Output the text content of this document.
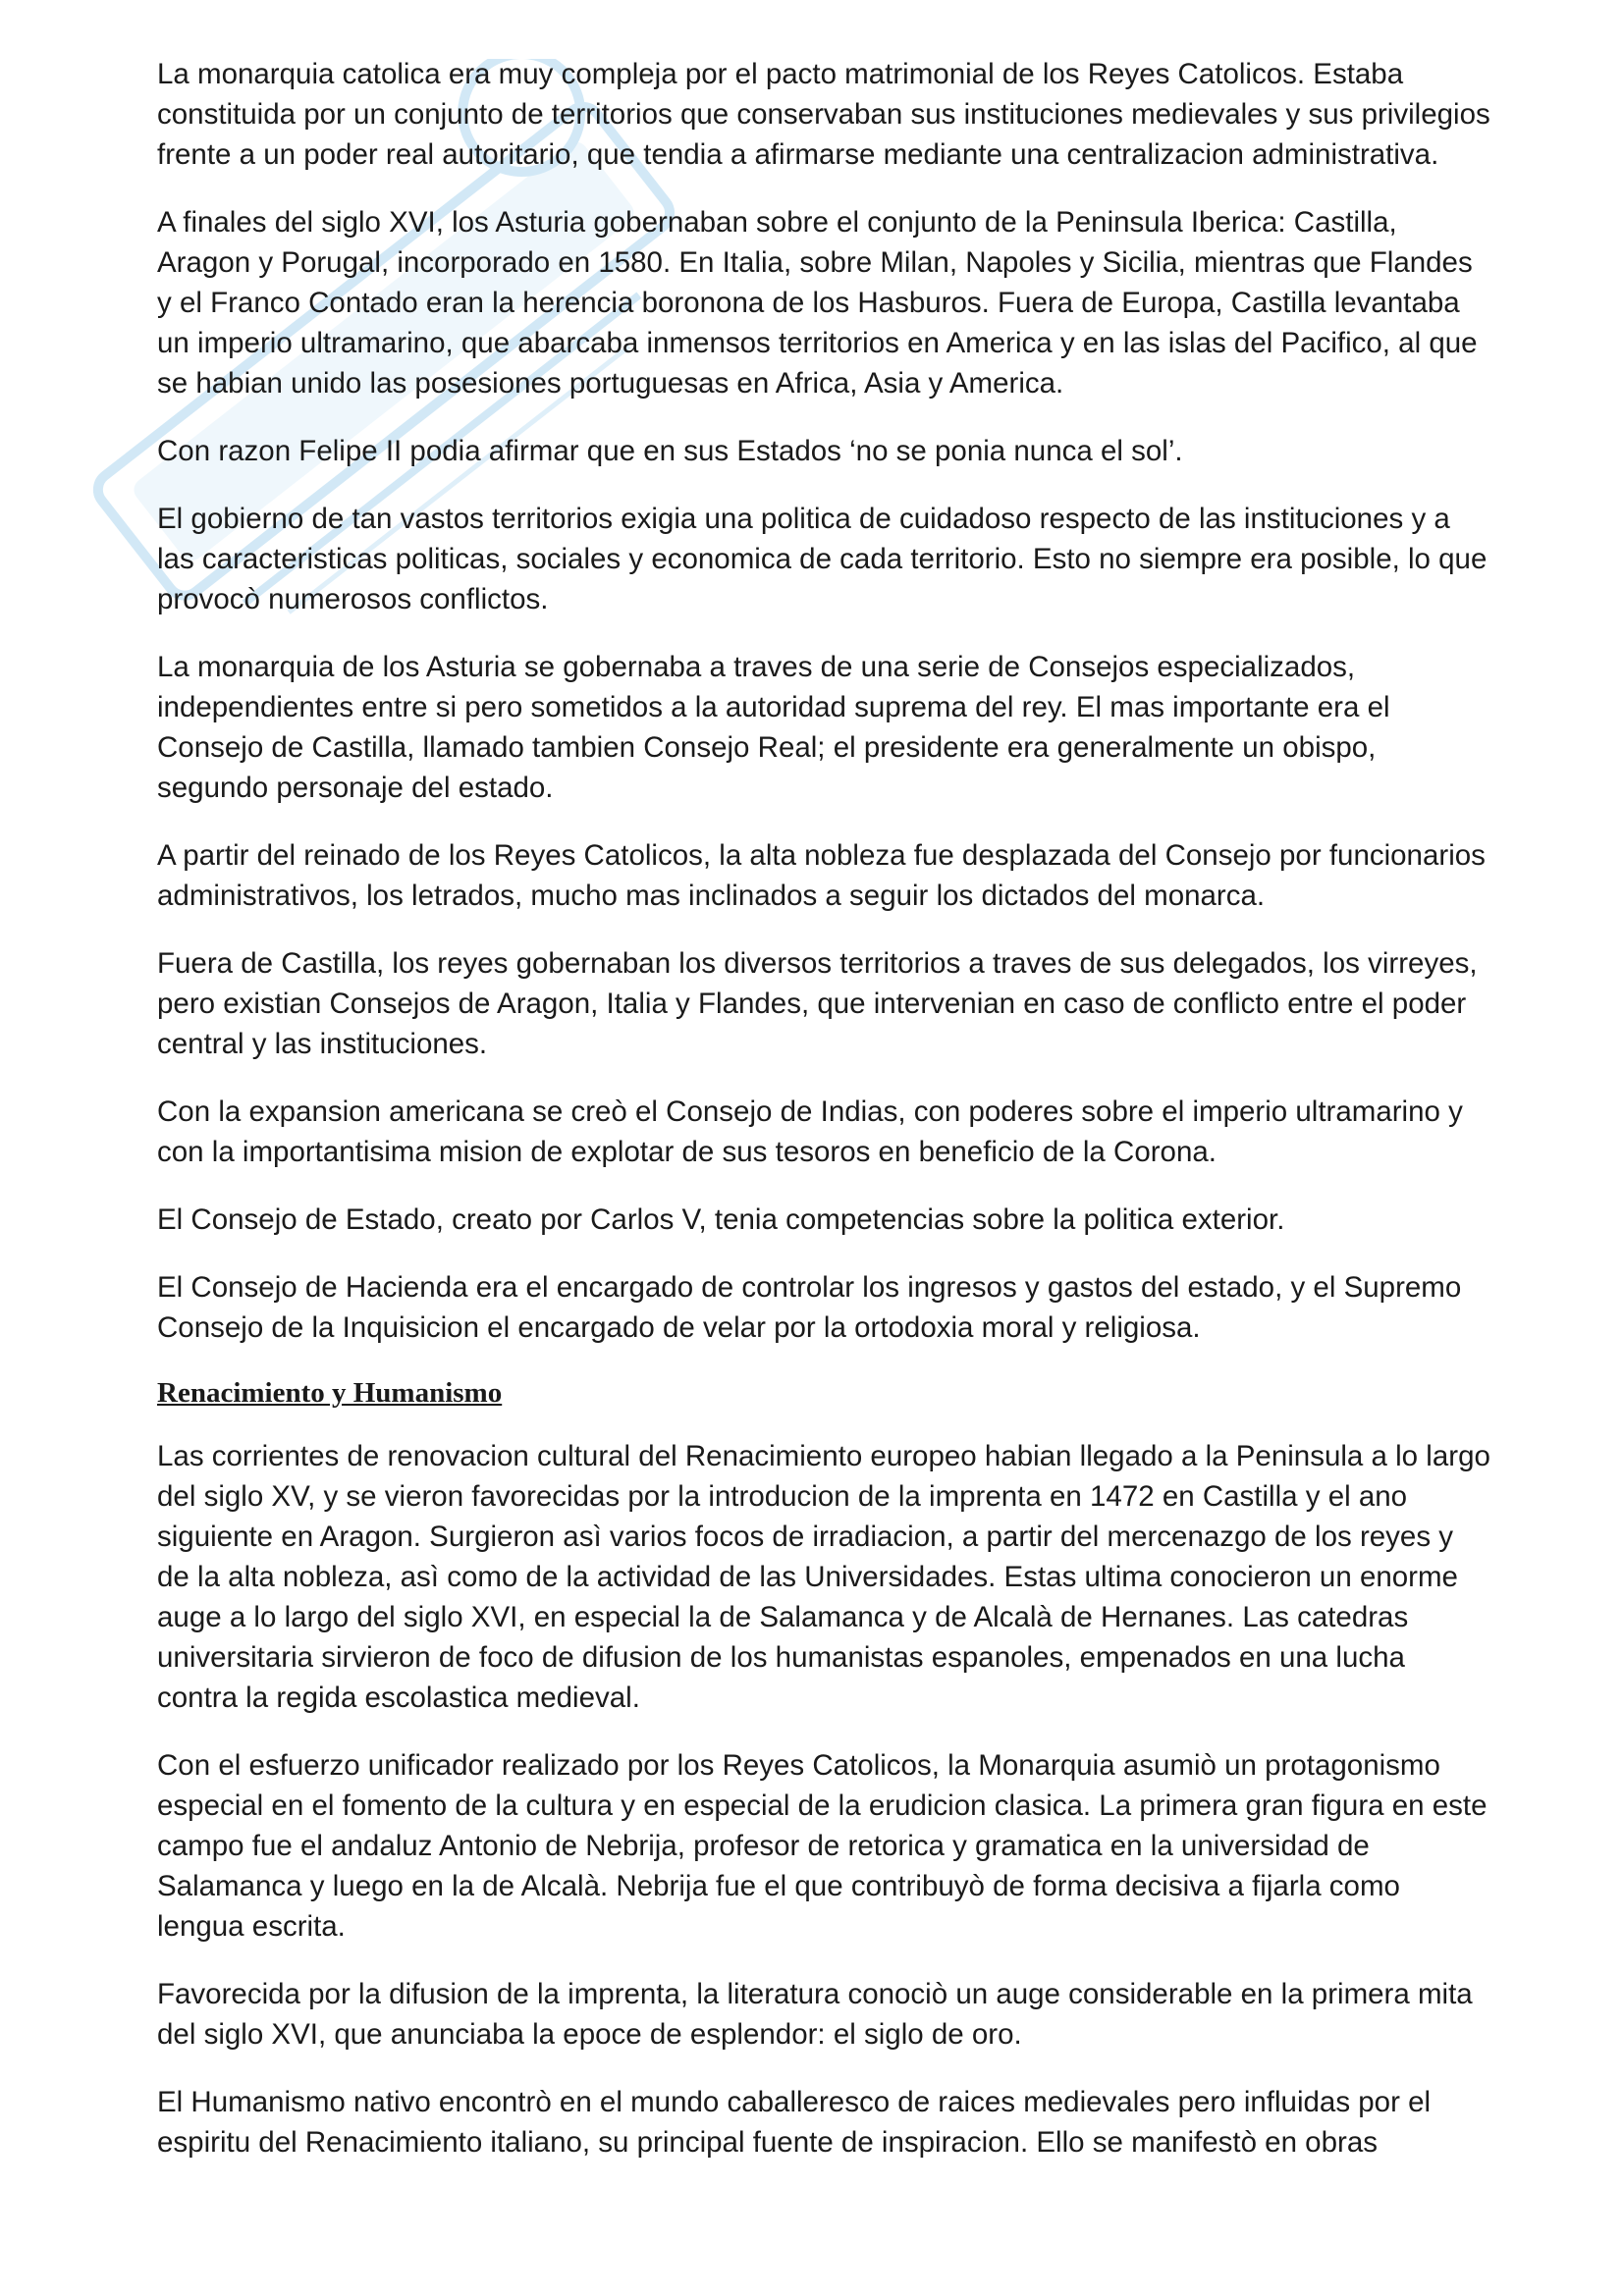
La monarquia catolica era muy compleja por el pacto matrimonial de los Reyes Catolicos. Estaba constituida por un conjunto de territorios que conservaban sus instituciones medievales y sus privilegios frente a un poder real autoritario, que tendia a afirmarse mediante una centralizacion administrativa.

A finales del siglo XVI, los Asturia gobernaban sobre el conjunto de la Peninsula Iberica: Castilla, Aragon y Porugal, incorporado en 1580. En Italia, sobre Milan, Napoles y Sicilia, mientras que Flandes y el Franco Contado eran la herencia boronona de los Hasburos. Fuera de Europa, Castilla levantaba un imperio ultramarino, que abarcaba inmensos territorios en America y en las islas del Pacifico, al que se habian unido las posesiones portuguesas en Africa, Asia y America.

Con razon Felipe II podia afirmar que en sus Estados ‘no se ponia nunca el sol’.

El gobierno de tan vastos territorios exigia una politica de cuidadoso respecto de las instituciones y a las caracteristicas politicas, sociales y economica de cada territorio. Esto no siempre era posible, lo que provocò numerosos conflictos.

La monarquia de los Asturia se gobernaba a traves de una serie de Consejos especializados, independientes entre si pero sometidos a la autoridad suprema del rey. El mas importante era el Consejo de Castilla, llamado tambien Consejo Real; el presidente era generalmente un obispo, segundo personaje del estado.

A partir del reinado de los Reyes Catolicos, la alta nobleza fue desplazada del Consejo por funcionarios administrativos, los letrados, mucho mas inclinados a seguir los dictados del monarca.

Fuera de Castilla, los reyes gobernaban los diversos territorios a traves de sus delegados, los virreyes, pero existian Consejos de Aragon, Italia y Flandes, que intervenian en caso de conflicto entre el poder central y las instituciones.

Con la expansion americana se creò el Consejo de Indias, con poderes sobre el imperio ultramarino y con la importantisima mision de explotar de sus tesoros en beneficio de la Corona.

El Consejo de Estado, creato por Carlos V, tenia competencias sobre la politica exterior.

El Consejo de Hacienda era el encargado de controlar los ingresos y gastos del estado, y el Supremo Consejo de la Inquisicion el encargado de velar por la ortodoxia moral y religiosa.

Renacimiento y Humanismo

Las corrientes de renovacion cultural del Renacimiento europeo habian llegado a la Peninsula a lo largo del siglo XV, y se vieron favorecidas por la introducion de la imprenta en 1472 en Castilla y el ano siguiente en Aragon. Surgieron asì varios focos de irradiacion, a partir del mercenazgo de los reyes y de la alta nobleza, asì como de la actividad de las Universidades. Estas ultima conocieron un enorme auge a lo largo del siglo XVI, en especial la de Salamanca y de Alcalà de Hernanes. Las catedras universitaria sirvieron de foco de difusion de los humanistas espanoles, empenados en una lucha contra la regida escolastica medieval.

Con el esfuerzo unificador realizado por los Reyes Catolicos, la Monarquia asumiò un protagonismo especial en el fomento de la cultura y en especial de la erudicion clasica. La primera gran figura en este campo fue el andaluz Antonio de Nebrija, profesor de retorica y gramatica en la universidad de Salamanca y luego en la de Alcalà. Nebrija fue el que contribuyò de forma decisiva a fijarla como lengua escrita.

Favorecida por la difusion de la imprenta, la literatura conociò un auge considerable en la primera mita del siglo XVI, que anunciaba la epoce de esplendor: el siglo de oro.

El Humanismo nativo encontrò en el mundo caballeresco de raices medievales pero influidas por el espiritu del Renacimiento italiano, su principal fuente de inspiracion. Ello se manifestò en obras
